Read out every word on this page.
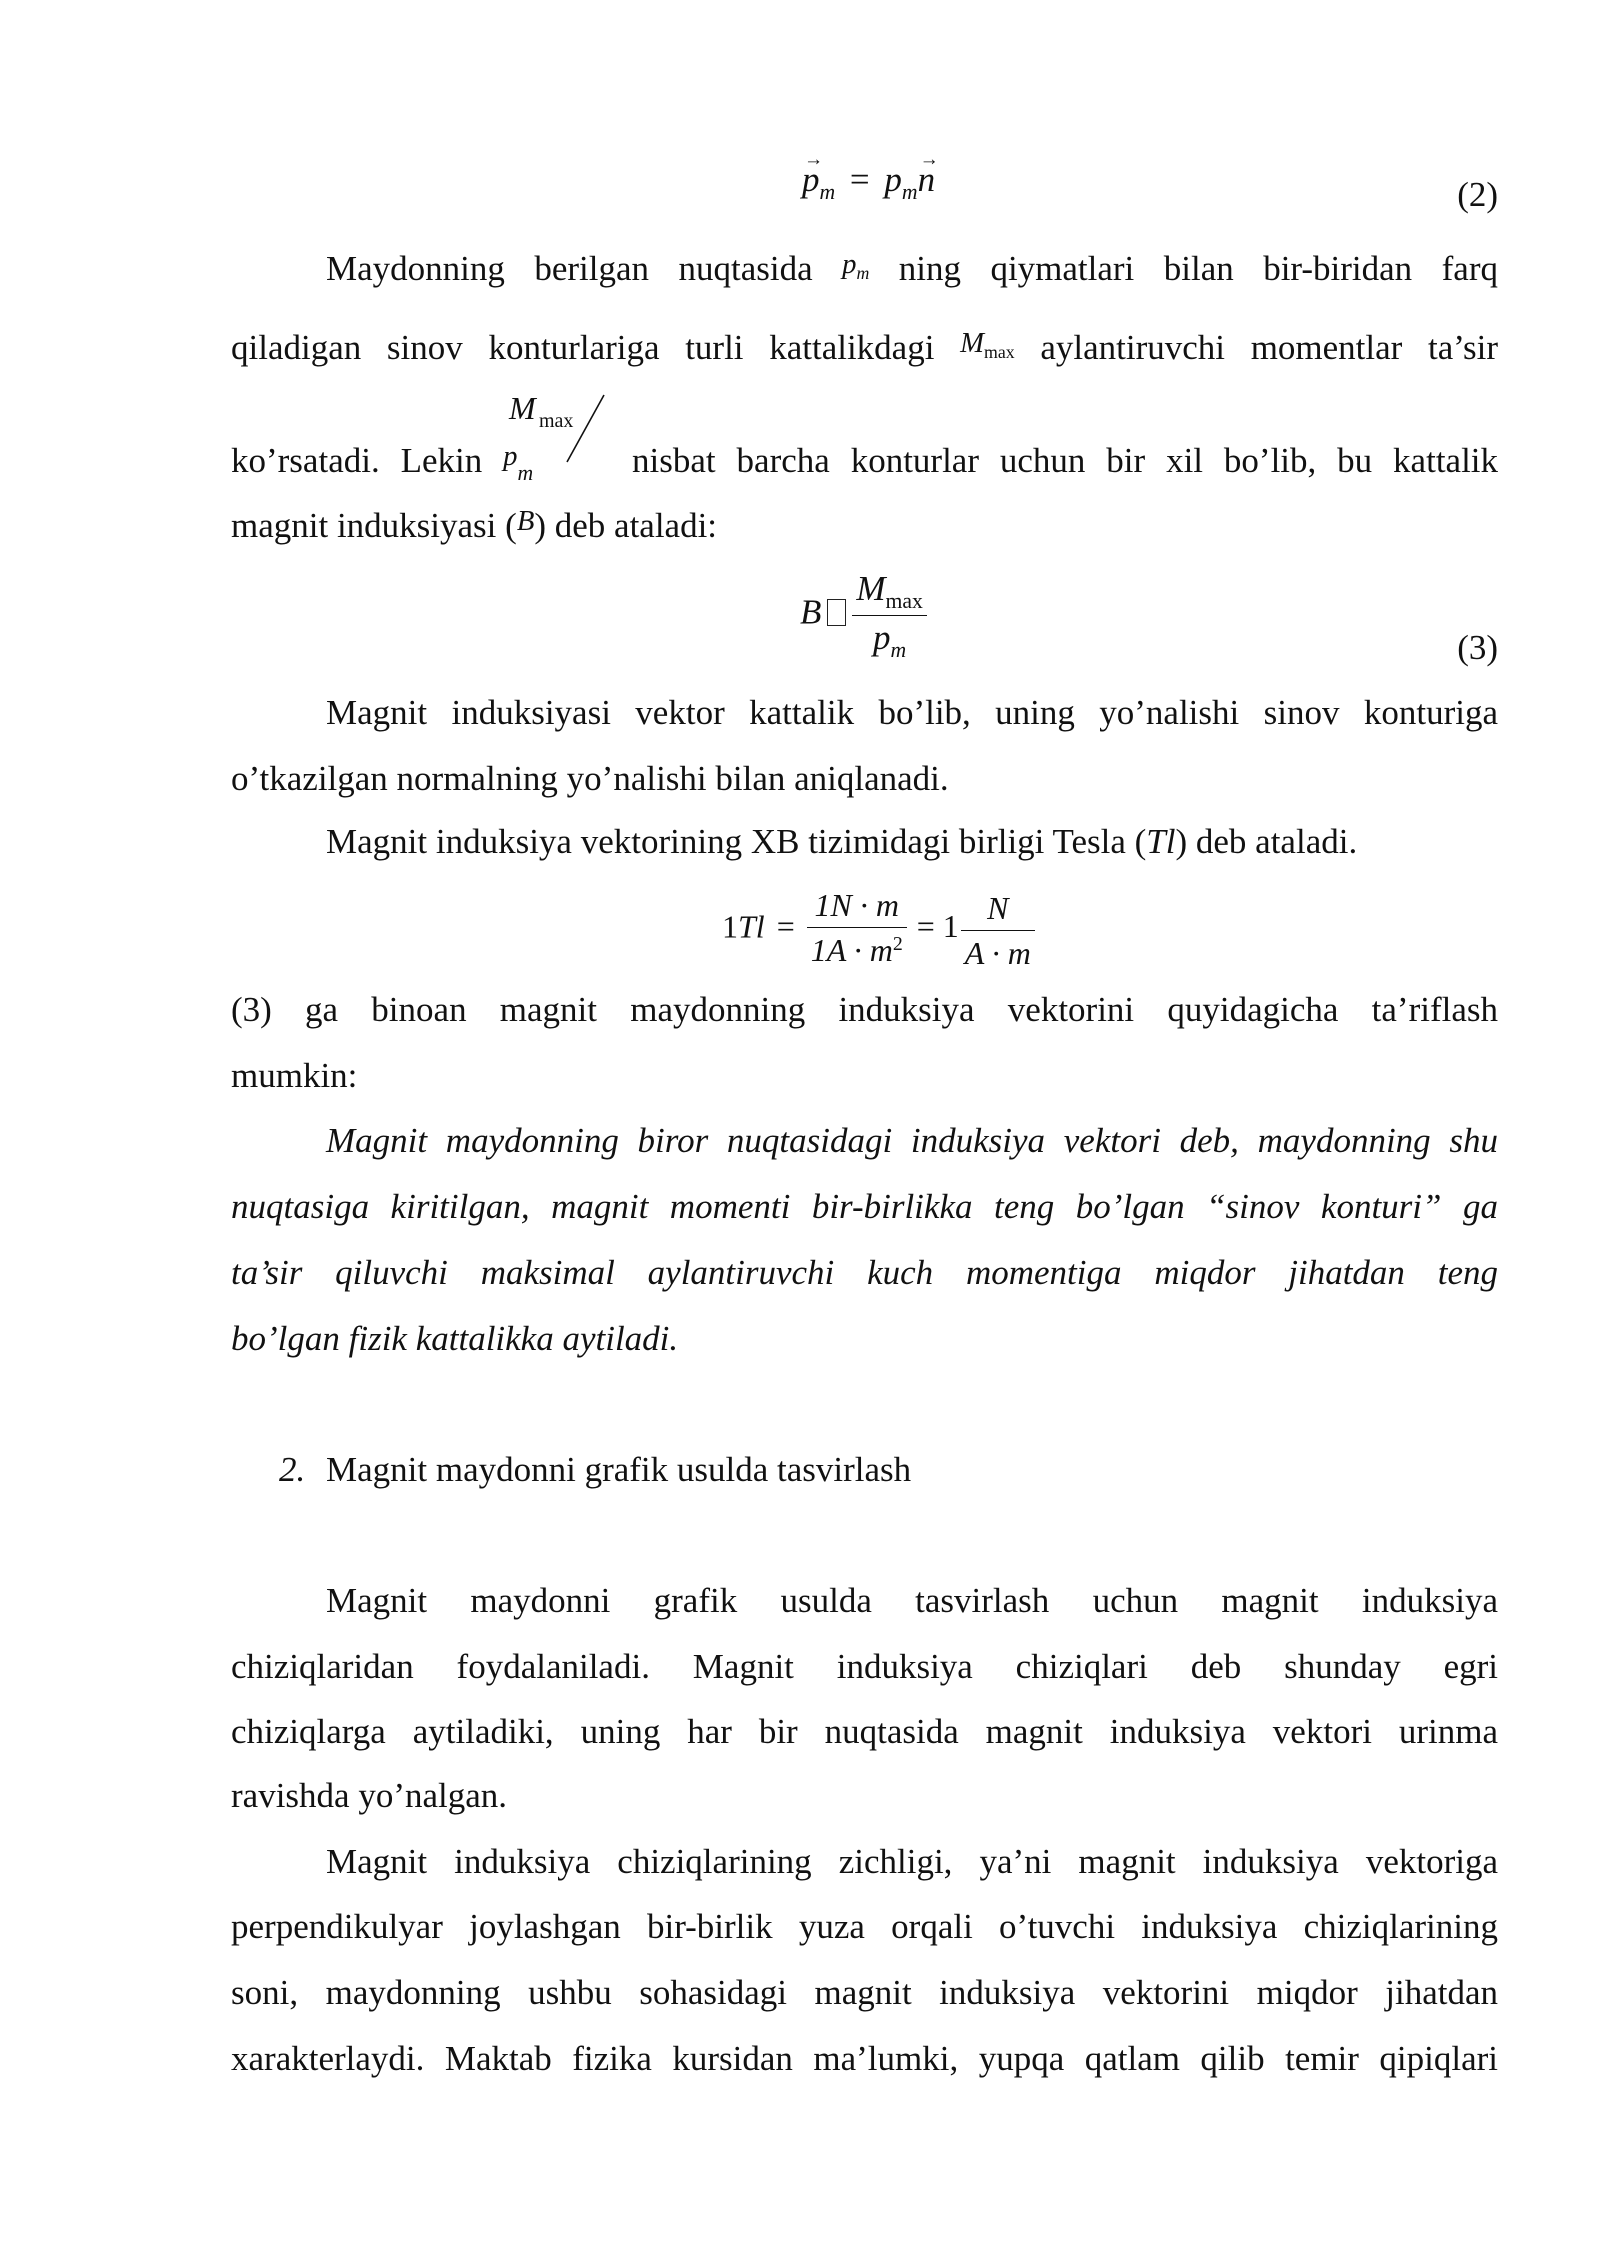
→ $p_m = p_m\to n$	(2)
Maydonning berilgan nuqtasida $^{p_m}$ ning qiymatlari bilan bir-biridan farq
qiladigan sinov konturlariga turli kattalikdagi $^{M_{max}}$ aylantiruvchi momentlar ta’sir
M max
ko’rsatadi. Lekin $^p_m$	nisbat barcha konturlar uchun bir xil bo’lib, bu kattalik
magnit induksiyasi ($^B$) deb ataladi:
B $\frac{M_{max}}{p_m}$	(3)
Magnit induksiyasi vektor kattalik bo’lib, uning yo’nalishi sinov konturiga
o’tkazilgan normalning yo’nalishi bilan aniqlanadi.
Magnit induksiya vektorining XB tizimidagi birligi Tesla (Tl) deb ataladi.
$1Tl = \frac{1N \cdot m}{1A \cdot m^2} = 1 \frac{N}{A \cdot m}$
(3) ga binoan magnit maydonning induksiya vektorini quyidagicha ta’riflash
mumkin:
Magnit maydonning biror nuqtasidagi induksiya vektori deb, maydonning shu
nuqtasiga kiritilgan, magnit momenti bir-birlikka teng bo’lgan “sinov konturi” ga
ta’sir qiluvchi maksimal aylantiruvchi kuch momentiga miqdor jihatdan teng
bo’lgan fizik kattalikka aytiladi.
2. Magnit maydonni grafik usulda tasvirlash
Magnit maydonni grafik usulda tasvirlash uchun magnit induksiya
chiziqlaridan foydalaniladi. Magnit induksiya chiziqlari deb shunday egri
chiziqlarga aytiladiki, uning har bir nuqtasida magnit induksiya vektori urinma
ravishda yo’nalgan.
Magnit induksiya chiziqlarining zichligi, ya’ni magnit induksiya vektoriga
perpendikulyar joylashgan bir-birlik yuza orqali o’tuvchi induksiya chiziqlarining
soni, maydonning ushbu sohasidagi magnit induksiya vektorini miqdor jihatdan
xarakterlaydi. Maktab fizika kursidan ma’lumki, yupqa qatlam qilib temir qipiqlari
